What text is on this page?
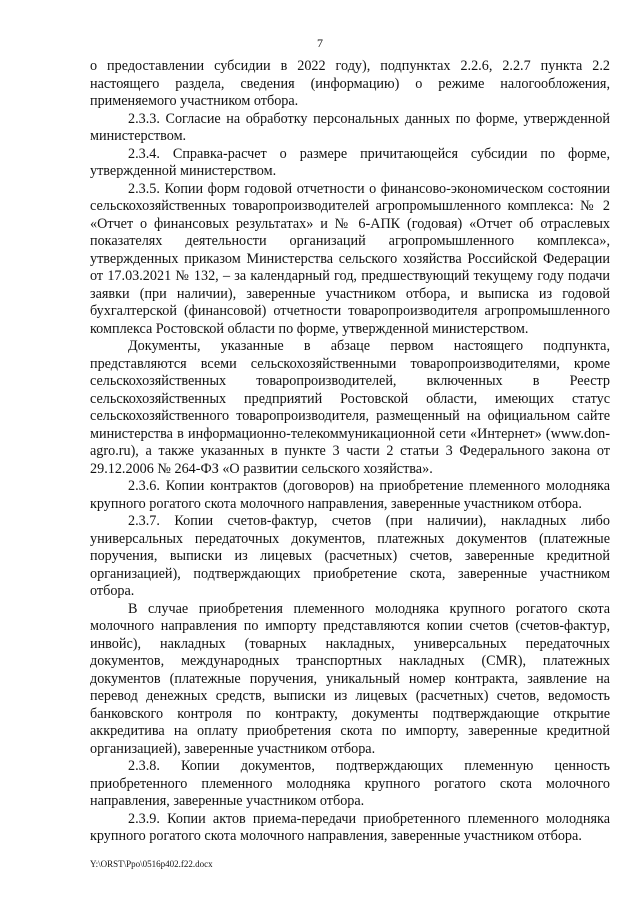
7

о предоставлении субсидии в 2022 году), подпунктах 2.2.6, 2.2.7 пункта 2.2 настоящего раздела, сведения (информацию) о режиме налогообложения, применяемого участником отбора.

2.3.3. Согласие на обработку персональных данных по форме, утвержденной министерством.

2.3.4. Справка-расчет о размере причитающейся субсидии по форме, утвержденной министерством.

2.3.5. Копии форм годовой отчетности о финансово-экономическом состоянии сельскохозяйственных товаропроизводителей агропромышленного комплекса: № 2 «Отчет о финансовых результатах» и № 6-АПК (годовая) «Отчет об отраслевых показателях деятельности организаций агропромышленного комплекса», утвержденных приказом Министерства сельского хозяйства Российской Федерации от 17.03.2021 № 132, – за календарный год, предшествующий текущему году подачи заявки (при наличии), заверенные участником отбора, и выписка из годовой бухгалтерской (финансовой) отчетности товаропроизводителя агропромышленного комплекса Ростовской области по форме, утвержденной министерством.

Документы, указанные в абзаце первом настоящего подпункта, представляются всеми сельскохозяйственными товаропроизводителями, кроме сельскохозяйственных товаропроизводителей, включенных в Реестр сельскохозяйственных предприятий Ростовской области, имеющих статус сельскохозяйственного товаропроизводителя, размещенный на официальном сайте министерства в информационно-телекоммуникационной сети «Интернет» (www.don-agro.ru), а также указанных в пункте 3 части 2 статьи 3 Федерального закона от 29.12.2006 № 264-ФЗ «О развитии сельского хозяйства».

2.3.6. Копии контрактов (договоров) на приобретение племенного молодняка крупного рогатого скота молочного направления, заверенные участником отбора.

2.3.7. Копии счетов-фактур, счетов (при наличии), накладных либо универсальных передаточных документов, платежных документов (платежные поручения, выписки из лицевых (расчетных) счетов, заверенные кредитной организацией), подтверждающих приобретение скота, заверенные участником отбора.

В случае приобретения племенного молодняка крупного рогатого скота молочного направления по импорту представляются копии счетов (счетов-фактур, инвойс), накладных (товарных накладных, универсальных передаточных документов, международных транспортных накладных (CMR), платежных документов (платежные поручения, уникальный номер контракта, заявление на перевод денежных средств, выписки из лицевых (расчетных) счетов, ведомость банковского контроля по контракту, документы подтверждающие открытие аккредитива на оплату приобретения скота по импорту, заверенные кредитной организацией), заверенные участником отбора.

2.3.8. Копии документов, подтверждающих племенную ценность приобретенного племенного молодняка крупного рогатого скота молочного направления, заверенные участником отбора.

2.3.9. Копии актов приема-передачи приобретенного племенного молодняка крупного рогатого скота молочного направления, заверенные участником отбора.

Y:\ORST\Ppo\0516p402.f22.docx
